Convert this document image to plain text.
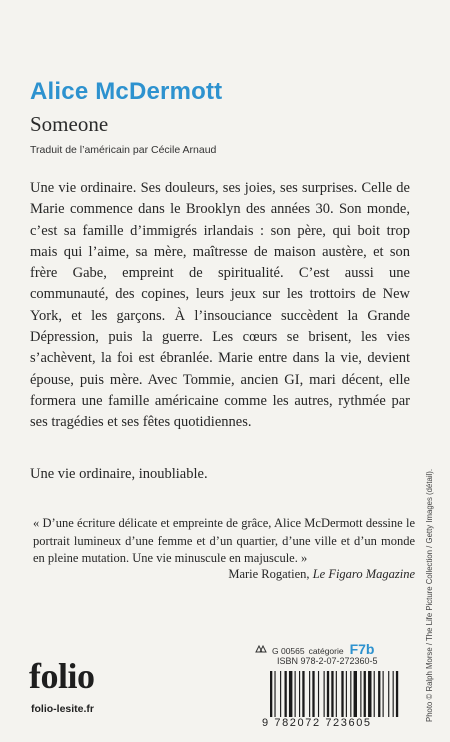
Alice McDermott
Someone
Traduit de l’américain par Cécile Arnaud

Une vie ordinaire. Ses douleurs, ses joies, ses surprises. Celle de Marie commence dans le Brooklyn des années 30. Son monde, c’est sa famille d’immigrés irlandais : son père, qui boit trop mais qui l’aime, sa mère, maîtresse de maison austère, et son frère Gabe, empreint de spiritualité. C’est aussi une communauté, des copines, leurs jeux sur les trottoirs de New York, et les garçons. À l’insouciance succèdent la Grande Dépression, puis la guerre. Les cœurs se brisent, les vies s’achèvent, la foi est ébranlée. Marie entre dans la vie, devient épouse, puis mère. Avec Tommie, ancien GI, mari décent, elle formera une famille américaine comme les autres, rythmée par ses tragédies et ses fêtes quotidiennes.

Une vie ordinaire, inoubliable.

« D’une écriture délicate et empreinte de grâce, Alice McDermott dessine le portrait lumineux d’une femme et d’un quartier, d’une ville et d’un monde en pleine mutation. Une vie minuscule en majuscule. »

Marie Rogatien, Le Figaro Magazine Photo © Ralph Morse / The Life Picture Collection / Getty Images (détail).
folio
folio-lesite.fr
G 00565 catégorie F7b
ISBN 978-2-07-272360-5
9 782072 723605
